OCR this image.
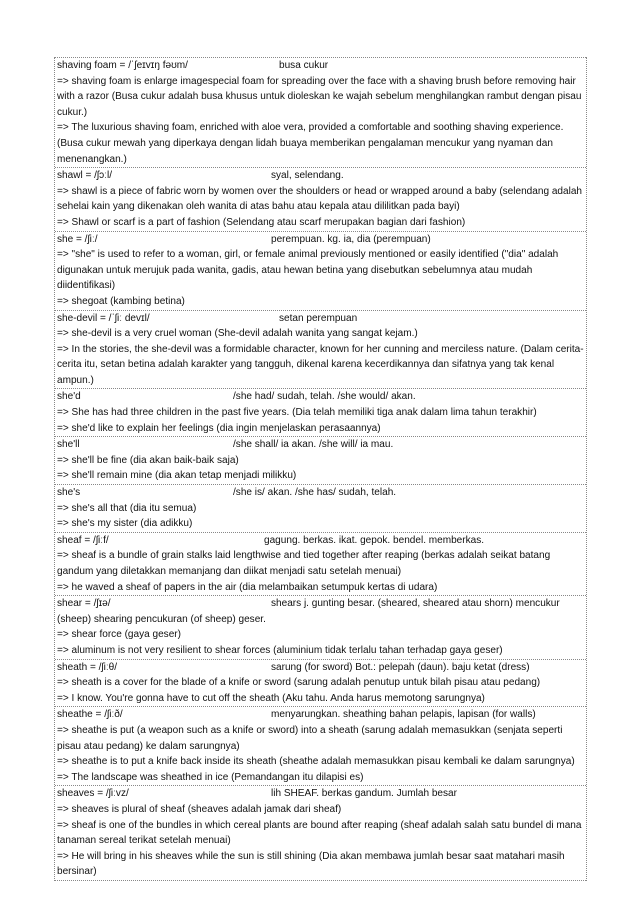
shaving foam = /ˈʃeɪvɪŋ fəʊm/	busa cukur
=> shaving foam is enlarge imagespecial foam for spreading over the face with a shaving brush before removing hair with a razor (Busa cukur adalah busa khusus untuk dioleskan ke wajah sebelum menghilangkan rambut dengan pisau cukur.)
=> The luxurious shaving foam, enriched with aloe vera, provided a comfortable and soothing shaving experience. (Busa cukur mewah yang diperkaya dengan lidah buaya memberikan pengalaman mencukur yang nyaman dan menenangkan.)
shawl = /ʃɔːl/	syal, selendang.
=> shawl is a piece of fabric worn by women over the shoulders or head or wrapped around a baby (selendang adalah sehelai kain yang dikenakan oleh wanita di atas bahu atau kepala atau dililitkan pada bayi)
=> Shawl or scarf is a part of fashion (Selendang atau scarf merupakan bagian dari fashion)
she = /ʃiː/	perempuan. kg. ia, dia (perempuan)
=> "she" is used to refer to a woman, girl, or female animal previously mentioned or easily identified ("dia" adalah digunakan untuk merujuk pada wanita, gadis, atau hewan betina yang disebutkan sebelumnya atau mudah diidentifikasi)
=> shegoat (kambing betina)
she-devil = /ˈʃiː devɪl/	setan perempuan
=> she-devil is a very cruel woman (She-devil adalah wanita yang sangat kejam.)
=> In the stories, the she-devil was a formidable character, known for her cunning and merciless nature. (Dalam cerita-cerita itu, setan betina adalah karakter yang tangguh, dikenal karena kecerdikannya dan sifatnya yang tak kenal ampun.)
she'd	/she had/ sudah, telah. /she would/ akan.
=> She has had three children in the past five years. (Dia telah memiliki tiga anak dalam lima tahun terakhir)
=> she'd like to explain her feelings (dia ingin menjelaskan perasaannya)
she'll	/she shall/ ia akan. /she will/ ia mau.
=> she'll be fine (dia akan baik-baik saja)
=> she'll remain mine (dia akan tetap menjadi milikku)
she's	/she is/ akan. /she has/ sudah, telah.
=> she's all that (dia itu semua)
=> she's my sister (dia adikku)
sheaf = /ʃiːf/	gagung. berkas. ikat. gepok. bendel. memberkas.
=> sheaf is a bundle of grain stalks laid lengthwise and tied together after reaping (berkas adalah seikat batang gandum yang diletakkan memanjang dan diikat menjadi satu setelah menuai)
=> he waved a sheaf of papers in the air (dia melambaikan setumpuk kertas di udara)
shear = /ʃɪə/	shears j. gunting besar. (sheared, sheared atau shorn) mencukur
(sheep) shearing pencukuran (of sheep) geser.
=> shear force (gaya geser)
=> aluminum is not very resilient to shear forces (aluminium tidak terlalu tahan terhadap gaya geser)
sheath = /ʃiːθ/	sarung (for sword) Bot.: pelepah (daun). baju ketat (dress)
=> sheath is a cover for the blade of a knife or sword (sarung adalah penutup untuk bilah pisau atau pedang)
=> I know. You're gonna have to cut off the sheath (Aku tahu. Anda harus memotong sarungnya)
sheathe = /ʃiːð/	menyarungkan. sheathing bahan pelapis, lapisan (for walls)
=> sheathe is put (a weapon such as a knife or sword) into a sheath (sarung adalah memasukkan (senjata seperti pisau atau pedang) ke dalam sarungnya)
=> sheathe is to put a knife back inside its sheath (sheathe adalah memasukkan pisau kembali ke dalam sarungnya)
=> The landscape was sheathed in ice (Pemandangan itu dilapisi es)
sheaves = /ʃiːvz/	lih SHEAF. berkas gandum. Jumlah besar
=> sheaves is plural of sheaf (sheaves adalah jamak dari sheaf)
=> sheaf is one of the bundles in which cereal plants are bound after reaping (sheaf adalah salah satu bundel di mana tanaman sereal terikat setelah menuai)
=> He will bring in his sheaves while the sun is still shining (Dia akan membawa jumlah besar saat matahari masih bersinar)
